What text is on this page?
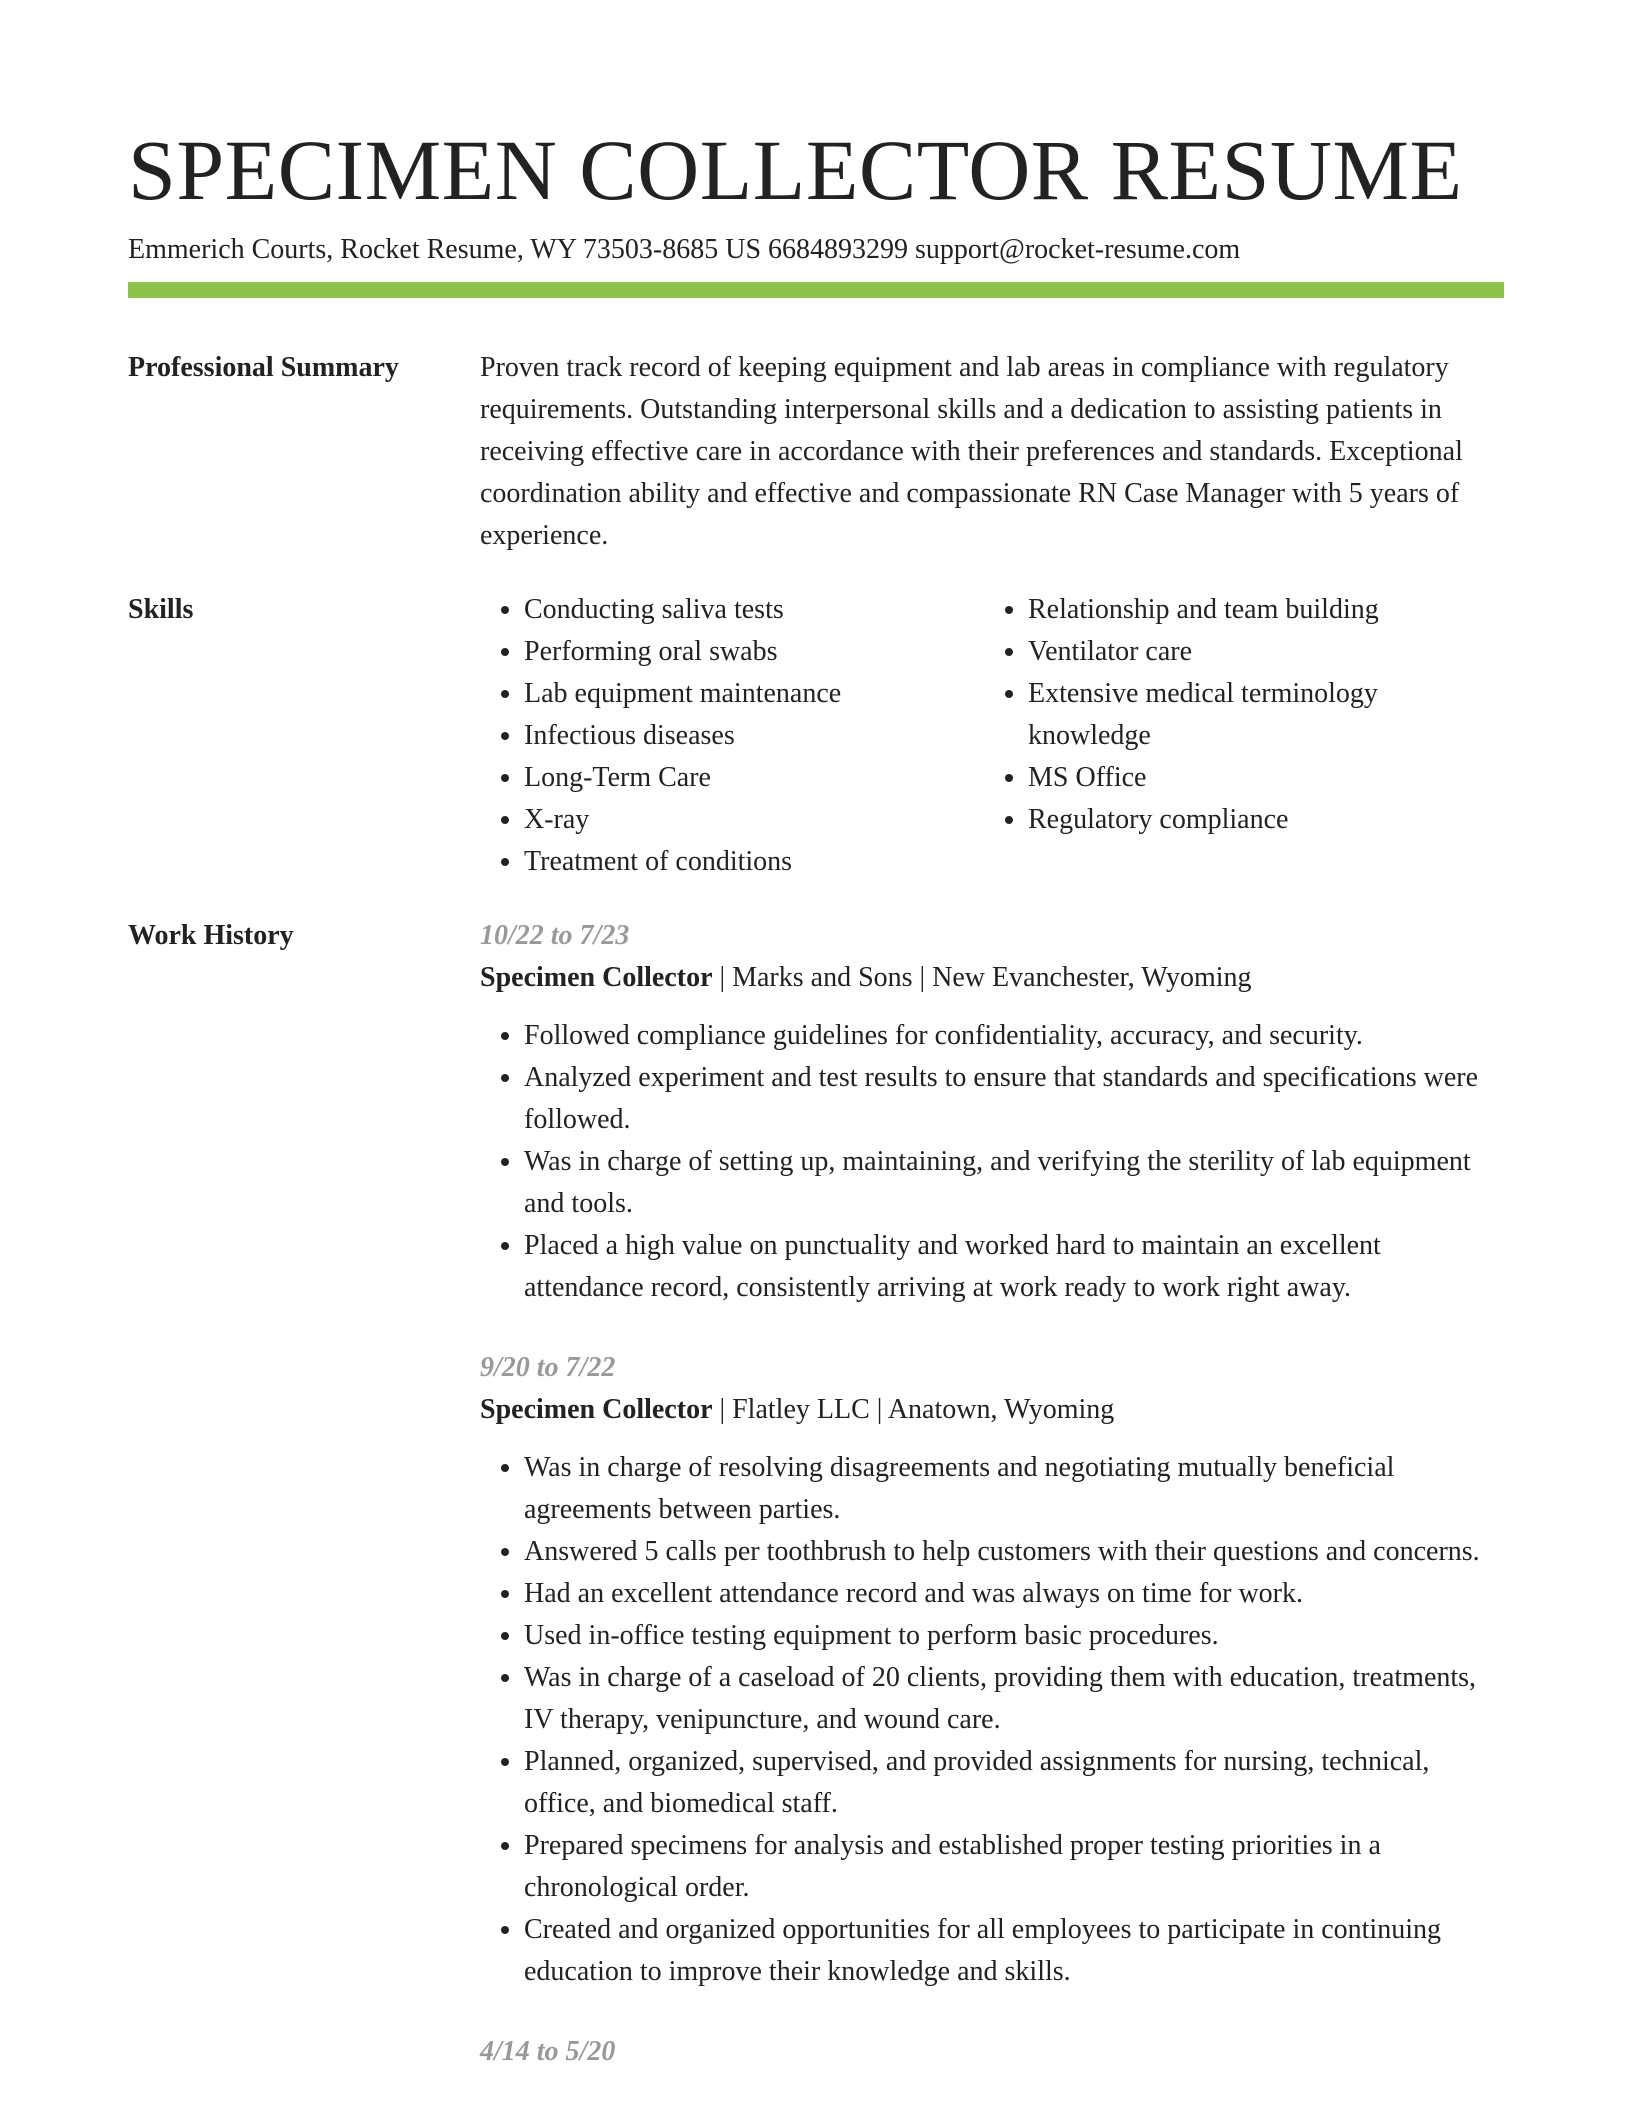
SPECIMEN COLLECTOR RESUME
Emmerich Courts, Rocket Resume, WY 73503-8685 US 6684893299 support@rocket-resume.com
Professional Summary	Proven track record of keeping equipment and lab areas in compliance with regulatory requirements. Outstanding interpersonal skills and a dedication to assisting patients in receiving effective care in accordance with their preferences and standards. Exceptional coordination ability and effective and compassionate RN Case Manager with 5 years of experience.
Skills
•	Conducting saliva tests
• Performing oral swabs
• Lab equipment maintenance
• Infectious diseases
• Long-Term Care
• X-ray
• Treatment of conditions
• Relationship and team building
• Ventilator care
• Extensive medical terminology knowledge
• MS Office
• Regulatory compliance
Work History	10/22 to 7/23
Specimen Collector | Marks and Sons | New Evanchester, Wyoming
• Followed compliance guidelines for confidentiality, accuracy, and security.
• Analyzed experiment and test results to ensure that standards and specifications were followed.
• Was in charge of setting up, maintaining, and verifying the sterility of lab equipment and tools.
• Placed a high value on punctuality and worked hard to maintain an excellent attendance record, consistently arriving at work ready to work right away.
9/20 to 7/22
Specimen Collector | Flatley LLC | Anatown, Wyoming
• Was in charge of resolving disagreements and negotiating mutually beneficial agreements between parties.
• Answered 5 calls per toothbrush to help customers with their questions and concerns.
• Had an excellent attendance record and was always on time for work.
• Used in-office testing equipment to perform basic procedures.
• Was in charge of a caseload of 20 clients, providing them with education, treatments, IV therapy, venipuncture, and wound care.
• Planned, organized, supervised, and provided assignments for nursing, technical, office, and biomedical staff.
• Prepared specimens for analysis and established proper testing priorities in a chronological order.
• Created and organized opportunities for all employees to participate in continuing education to improve their knowledge and skills.
4/14 to 5/20
